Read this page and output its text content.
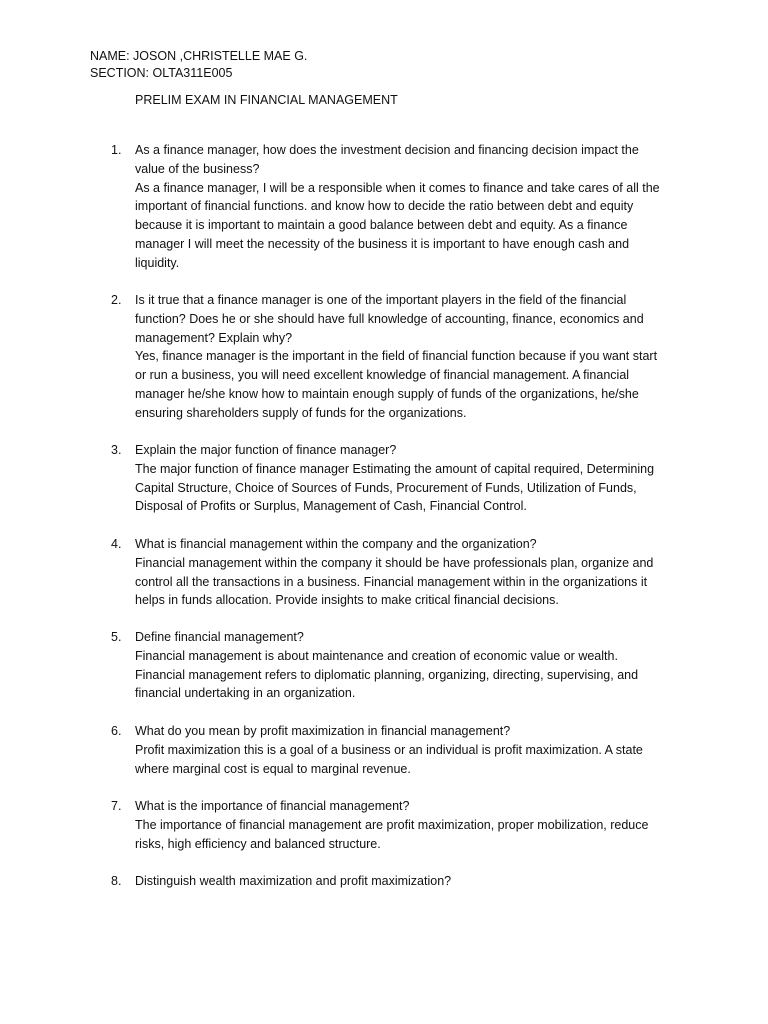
NAME: JOSON ,CHRISTELLE MAE G.
SECTION: OLTA311E005
PRELIM EXAM IN FINANCIAL MANAGEMENT
1.	As a finance manager, how does the investment decision and financing decision impact the
value of the business?

As a finance manager, I will be a responsible when it comes to finance and take cares of all the
important of financial functions. and know how to decide the ratio between debt and equity
because it is important to maintain a good balance between debt and equity. As a finance
manager I will meet the necessity of the business it is important to have enough cash and
liquidity.

2.	Is it true that a finance manager is one of the important players in the field of the financial
function? Does he or she should have full knowledge of accounting, finance, economics and
management? Explain why?

Yes, finance manager is the important in the field of financial function because if you want start
or run a business, you will need excellent knowledge of financial management. A financial
manager he/she know how to maintain enough supply of funds of the organizations, he/she
ensuring shareholders supply of funds for the organizations.

3.	Explain the major function of finance manager?

The major function of finance manager Estimating the amount of capital required, Determining
Capital Structure, Choice of Sources of Funds, Procurement of Funds, Utilization of Funds,
Disposal of Profits or Surplus, Management of Cash, Financial Control.

4.	What is financial management within the company and the organization?

Financial management within the company it should be have professionals plan, organize and
control all the transactions in a business. Financial management within in the organizations it
helps in funds allocation. Provide insights to make critical financial decisions.

5.	Define financial management?

Financial management is about maintenance and creation of economic value or wealth.
Financial management refers to diplomatic planning, organizing, directing, supervising, and
financial undertaking in an organization.

6.	What do you mean by profit maximization in financial management?

Profit maximization this is a goal of a business or an individual is profit maximization. A state
where marginal cost is equal to marginal revenue.

7.	What is the importance of financial management?

The importance of financial management are profit maximization, proper mobilization, reduce
risks, high efficiency and balanced structure.

8.	Distinguish wealth maximization and profit maximization?
